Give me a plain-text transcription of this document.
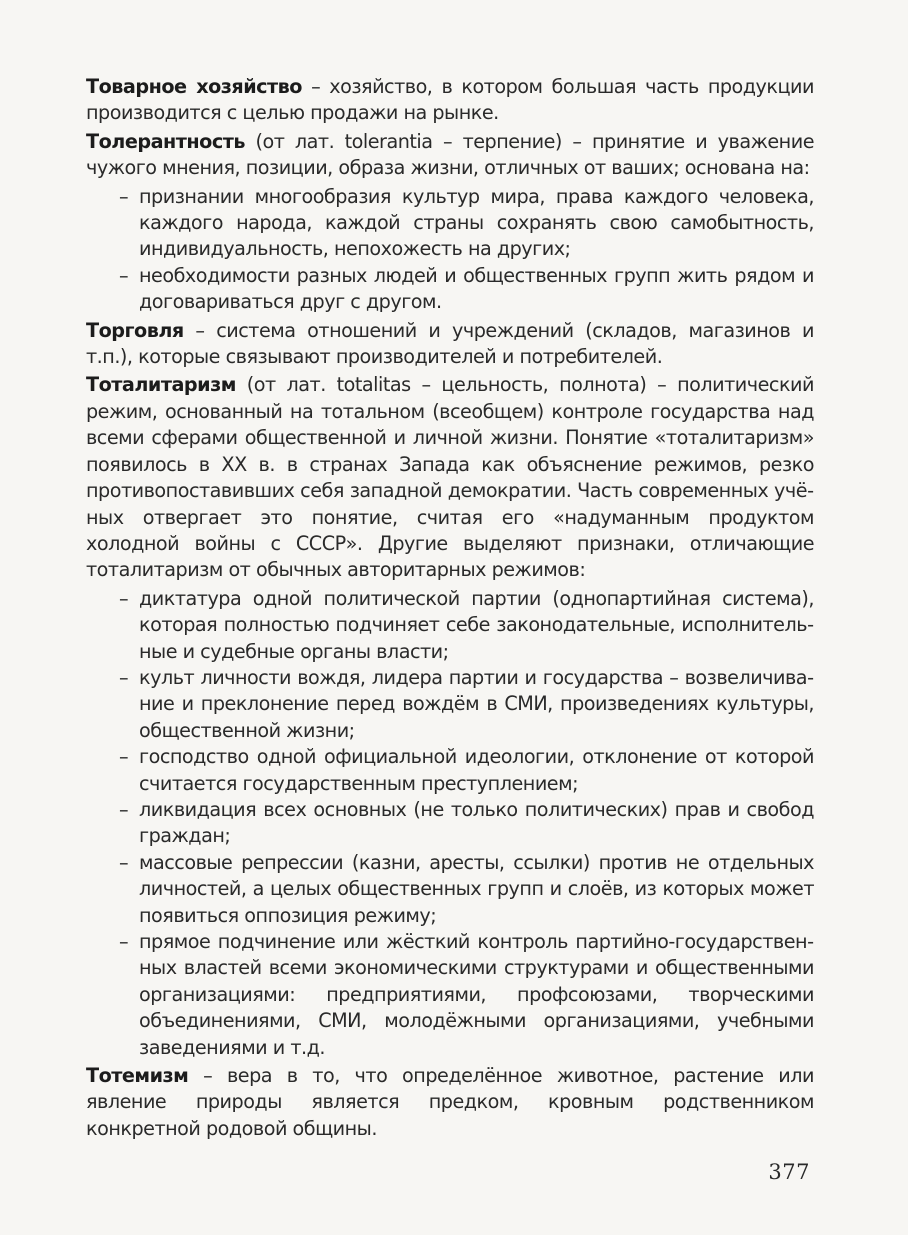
Товарное хозяйство – хозяйство, в котором большая часть продукции производится с целью продажи на рынке.

Толерантность (от лат. tolerantia – терпение) – принятие и уважение чужого мнения, позиции, образа жизни, отличных от ваших; основана на:

– признании многообразия культур мира, права каждого человека, каждого народа, каждой страны сохранять свою самобытность, индивидуальность, непохожесть на других;
– необходимости разных людей и общественных групп жить рядом и договариваться друг с другом.

Торговля – система отношений и учреждений (складов, магазинов и т.п.), которые связывают производителей и потребителей.

Тоталитаризм (от лат. totalitas – цельность, полнота) – политический режим, основанный на тотальном (всеобщем) контроле государства над всеми сферами общественной и личной жизни. Понятие «тоталитаризм» появилось в XX в. в странах Запада как объяснение режимов, резко противопоставивших себя западной демократии. Часть современных учёных отвергает это понятие, считая его «надуманным продуктом холодной войны с СССР». Другие выделяют признаки, отличающие тоталитаризм от обычных авторитарных режимов:

– диктатура одной политической партии (однопартийная система), которая полностью подчиняет себе законодательные, исполнительные и судебные органы власти;
– культ личности вождя, лидера партии и государства – возвеличивание и преклонение перед вождём в СМИ, произведениях культуры, общественной жизни;
– господство одной официальной идеологии, отклонение от которой считается государственным преступлением;
– ликвидация всех основных (не только политических) прав и свобод граждан;
– массовые репрессии (казни, аресты, ссылки) против не отдельных личностей, а целых общественных групп и слоёв, из которых может появиться оппозиция режиму;
– прямое подчинение или жёсткий контроль партийно-государственных властей всеми экономическими структурами и общественными организациями: предприятиями, профсоюзами, творческими объединениями, СМИ, молодёжными организациями, учебными заведениями и т.д.

Тотемизм – вера в то, что определённое животное, растение или явление природы является предком, кровным родственником конкретной родовой общины.

377
